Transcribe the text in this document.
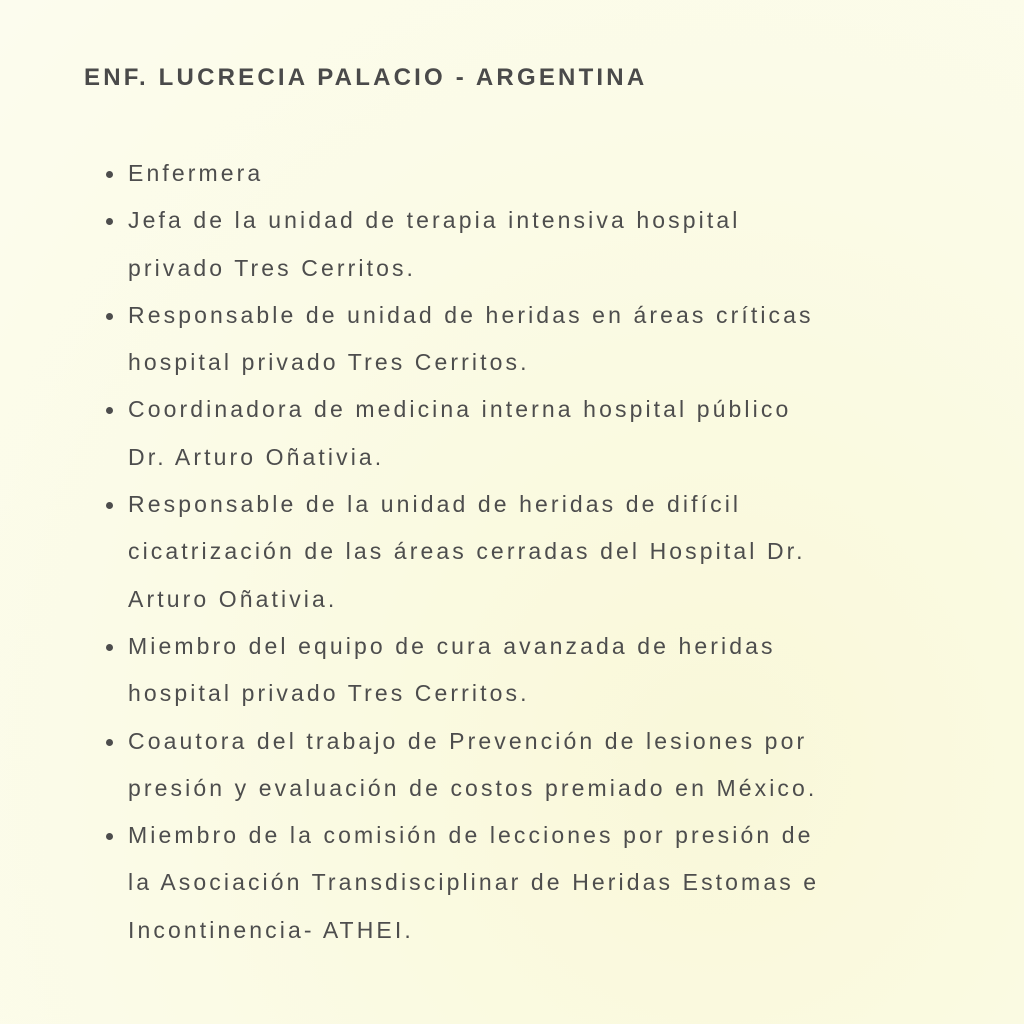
ENF. LUCRECIA PALACIO - ARGENTINA
Enfermera
Jefa de la unidad de terapia intensiva hospital
privado Tres Cerritos.
Responsable de unidad de heridas en áreas críticas
hospital privado Tres Cerritos.
Coordinadora de medicina interna hospital público
Dr. Arturo Oñativia.
Responsable de la unidad de heridas de difícil
cicatrización de las áreas cerradas del Hospital Dr.
Arturo Oñativia.
Miembro del equipo de cura avanzada de heridas
hospital privado Tres Cerritos.
Coautora del trabajo de Prevención de lesiones por
presión y evaluación de costos premiado en México.
Miembro de la comisión de lecciones por presión de
la Asociación Transdisciplinar de Heridas Estomas e
Incontinencia- ATHEI.
